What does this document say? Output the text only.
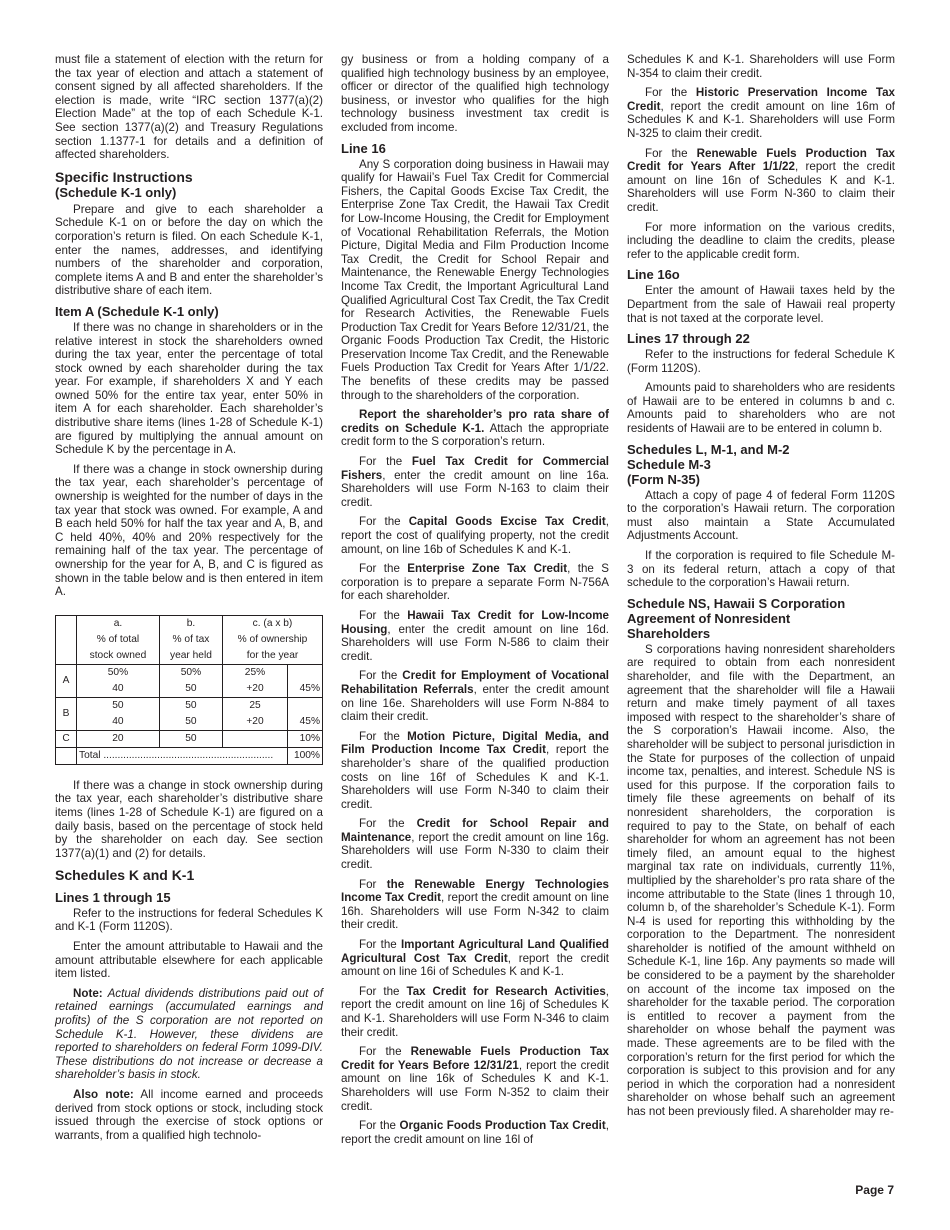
must file a statement of election with the return for the tax year of election and attach a statement of consent signed by all affected shareholders. If the election is made, write “IRC section 1377(a)(2) Election Made” at the top of each Schedule K-1. See section 1377(a)(2) and Treasury Regulations section 1.1377-1 for details and a definition of affected shareholders.

Specific Instructions
(Schedule K-1 only)

Prepare and give to each shareholder a Schedule K-1 on or before the day on which the corporation’s return is filed. On each Schedule K-1, enter the names, addresses, and identifying numbers of the shareholder and corporation, complete items A and B and enter the shareholder’s distributive share of each item.

Item A (Schedule K-1 only)

If there was no change in shareholders or in the relative interest in stock the shareholders owned during the tax year, enter the percentage of total stock owned by each shareholder during the tax year. For example, if shareholders X and Y each owned 50% for the entire tax year, enter 50% in item A for each shareholder. Each shareholder’s distributive share items (lines 1-28 of Schedule K-1) are figured by multiplying the annual amount on Schedule K by the percentage in A.

If there was a change in stock ownership during the tax year, each shareholder’s percentage of ownership is weighted for the number of days in the tax year that stock was owned. For example, A and B each held 50% for half the tax year and A, B, and C held 40%, 40% and 20% respectively for the remaining half of the tax year. The percentage of ownership for the year for A, B, and C is figured as shown in the table below and is then entered in item A.

	a.	b.	c. (a x b)	
	% of total	% of tax	% of ownership	
	stock owned	year held	for the year	
A	50%	50%	25%	
	40	50	+20	45%
B	50	50	25	
	40	50	+20	45%
C	20	50		10%
	Total ............................................................			100%

If there was a change in stock ownership during the tax year, each shareholder’s distributive share items (lines 1-28 of Schedule K-1) are figured on a daily basis, based on the percentage of stock held by the shareholder on each day. See section 1377(a)(1) and (2) for details.

Schedules K and K-1
Lines 1 through 15

Refer to the instructions for federal Schedules K and K-1 (Form 1120S).

Enter the amount attributable to Hawaii and the amount attributable elsewhere for each applicable item listed.

Note: Actual dividends distributions paid out of retained earnings (accumulated earnings and profits) of the S corporation are not reported on Schedule K-1. However, these dividens are reported to shareholders on federal Form 1099-DIV. These distributions do not increase or decrease a shareholder’s basis in stock.

Also note: All income earned and proceeds derived from stock options or stock, including stock issued through the exercise of stock options or warrants, from a qualified high technolo-

gy business or from a holding company of a qualified high technology business by an employee, officer or director of the qualified high technology business, or investor who qualifies for the high technology business investment tax credit is excluded from income.

Line 16

Any S corporation doing business in Hawaii may qualify for Hawaii’s Fuel Tax Credit for Commercial Fishers, the Capital Goods Excise Tax Credit, the Enterprise Zone Tax Credit, the Hawaii Tax Credit for Low-Income Housing, the Credit for Employment of Vocational Rehabilitation Referrals, the Motion Picture, Digital Media and Film Production Income Tax Credit, the Credit for School Repair and Maintenance, the Renewable Energy Technologies Income Tax Credit, the Important Agricultural Land Qualified Agricultural Cost Tax Credit, the Tax Credit for Research Activities, the Renewable Fuels Production Tax Credit for Years Before 12/31/21, the Organic Foods Production Tax Credit, the Historic Preservation Income Tax Credit, and the Renewable Fuels Production Tax Credit for Years After 1/1/22. The benefits of these credits may be passed through to the shareholders of the corporation.

Report the shareholder’s pro rata share of credits on Schedule K-1. Attach the appropriate credit form to the S corporation’s return.

For the Fuel Tax Credit for Commercial Fishers, enter the credit amount on line 16a. Shareholders will use Form N-163 to claim their credit.

For the Capital Goods Excise Tax Credit, report the cost of qualifying property, not the credit amount, on line 16b of Schedules K and K-1.

For the Enterprise Zone Tax Credit, the S corporation is to prepare a separate Form N-756A for each shareholder.

For the Hawaii Tax Credit for Low-Income Housing, enter the credit amount on line 16d. Shareholders will use Form N-586 to claim their credit.

For the Credit for Employment of Vocational Rehabilitation Referrals, enter the credit amount on line 16e. Shareholders will use Form N-884 to claim their credit.

For the Motion Picture, Digital Media, and Film Production Income Tax Credit, report the shareholder’s share of the qualified production costs on line 16f of Schedules K and K-1. Shareholders will use Form N-340 to claim their credit.

For the Credit for School Repair and Maintenance, report the credit amount on line 16g. Shareholders will use Form N-330 to claim their credit.

For the Renewable Energy Technologies Income Tax Credit, report the credit amount on line 16h. Shareholders will use Form N-342 to claim their credit.

For the Important Agricultural Land Qualified Agricultural Cost Tax Credit, report the credit amount on line 16i of Schedules K and K-1.

For the Tax Credit for Research Activities, report the credit amount on line 16j of Schedules K and K-1. Shareholders will use Form N-346 to claim their credit.

For the Renewable Fuels Production Tax Credit for Years Before 12/31/21, report the credit amount on line 16k of Schedules K and K-1. Shareholders will use Form N-352 to claim their credit.

For the Organic Foods Production Tax Credit, report the credit amount on line 16l of

Schedules K and K-1. Shareholders will use Form N-354 to claim their credit.

For the Historic Preservation Income Tax Credit, report the credit amount on line 16m of Schedules K and K-1. Shareholders will use Form N-325 to claim their credit.

For the Renewable Fuels Production Tax Credit for Years After 1/1/22, report the credit amount on line 16n of Schedules K and K-1. Shareholders will use Form N-360 to claim their credit.

For more information on the various credits, including the deadline to claim the credits, please refer to the applicable credit form.

Line 16o

Enter the amount of Hawaii taxes held by the Department from the sale of Hawaii real property that is not taxed at the corporate level.

Lines 17 through 22

Refer to the instructions for federal Schedule K (Form 1120S).

Amounts paid to shareholders who are residents of Hawaii are to be entered in columns b and c. Amounts paid to shareholders who are not residents of Hawaii are to be entered in column b.

Schedules L, M-1, and M-2
Schedule M-3
(Form N-35)

Attach a copy of page 4 of federal Form 1120S to the corporation’s Hawaii return. The corporation must also maintain a State Accumulated Adjustments Account.

If the corporation is required to file Schedule M-3 on its federal return, attach a copy of that schedule to the corporation’s Hawaii return.

Schedule NS, Hawaii S Corporation
Agreement of Nonresident
Shareholders

S corporations having nonresident shareholders are required to obtain from each nonresident shareholder, and file with the Department, an agreement that the shareholder will file a Hawaii return and make timely payment of all taxes imposed with respect to the shareholder’s share of the S corporation’s Hawaii income. Also, the shareholder will be subject to personal jurisdiction in the State for purposes of the collection of unpaid income tax, penalties, and interest. Schedule NS is used for this purpose. If the corporation fails to timely file these agreements on behalf of its nonresident shareholders, the corporation is required to pay to the State, on behalf of each shareholder for whom an agreement has not been timely filed, an amount equal to the highest marginal tax rate on individuals, currently 11%, multiplied by the shareholder’s pro rata share of the income attributable to the State (lines 1 through 10, column b, of the shareholder’s Schedule K-1). Form N-4 is used for reporting this withholding by the corporation to the Department. The nonresident shareholder is notified of the amount withheld on Schedule K-1, line 16p. Any payments so made will be considered to be a payment by the shareholder on account of the income tax imposed on the shareholder for the taxable period. The corporation is entitled to recover a payment from the shareholder on whose behalf the payment was made. These agreements are to be filed with the corporation’s return for the first period for which the corporation is subject to this provision and for any period in which the corporation had a nonresident shareholder on whose behalf such an agreement has not been previously filed. A shareholder may re-

Page 7
